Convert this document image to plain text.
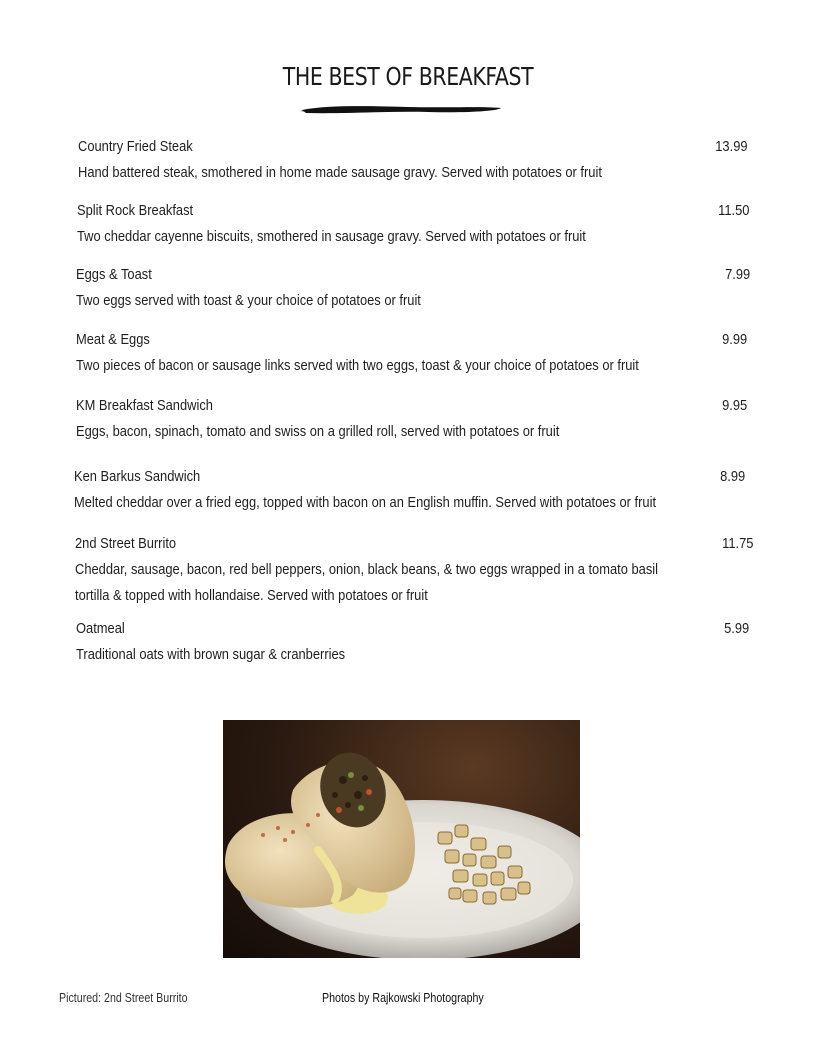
THE BEST OF BREAKFAST
Country Fried Steak	13.99
Hand battered steak, smothered in home made sausage gravy. Served with potatoes or fruit
Split Rock Breakfast	11.50
Two cheddar cayenne biscuits, smothered in sausage gravy. Served with potatoes or fruit
Eggs & Toast	7.99
Two eggs served with toast & your choice of potatoes or fruit
Meat & Eggs	9.99
Two pieces of bacon or sausage links served with two eggs, toast & your choice of potatoes or fruit
KM Breakfast Sandwich	9.95
Eggs, bacon, spinach, tomato and swiss on a grilled roll, served with potatoes or fruit
Ken Barkus Sandwich	8.99
Melted cheddar over a fried egg, topped with bacon on an English muffin. Served with potatoes or fruit
2nd Street Burrito	11.75
Cheddar, sausage, bacon, red bell peppers, onion, black beans, & two eggs wrapped in a tomato basil
tortilla & topped with hollandaise. Served with potatoes or fruit
Oatmeal	5.99
Traditional oats with brown sugar & cranberries
Pictured: 2nd Street Burrito	Photos by Rajkowski Photography
